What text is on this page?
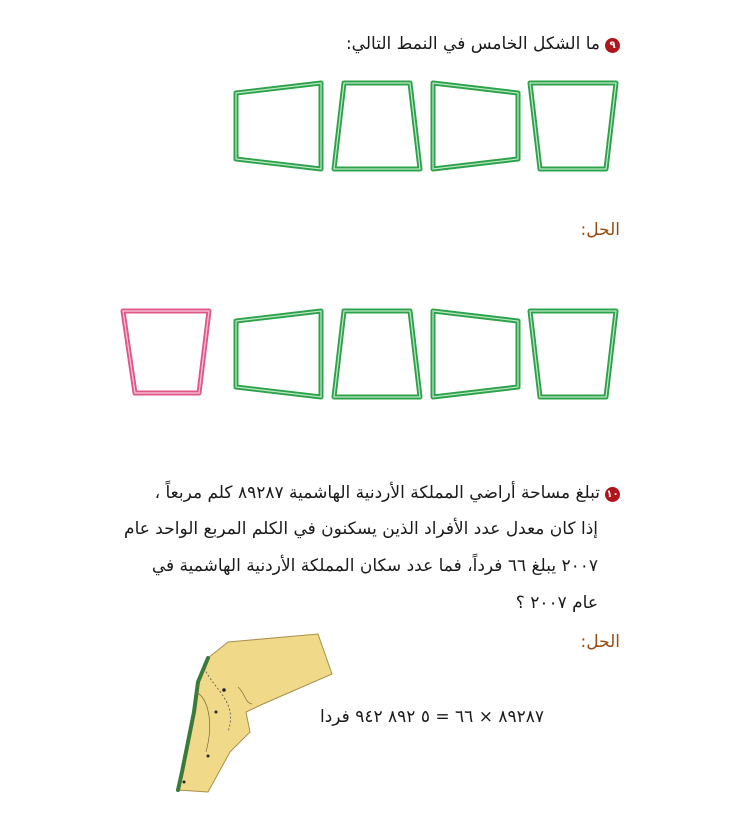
٩ما الشكل الخامس في النمط التالي:
الحل:
١٠تبلغ مساحة أراضي المملكة الأردنية الهاشمية ٨٩٢٨٧ كلم مربعاً ،
إذا كان معدل عدد الأفراد الذين يسكنون في الكلم المربع الواحد عام
٢٠٠٧ يبلغ ٦٦ فرداً، فما عدد سكان المملكة الأردنية الهاشمية في
عام ٢٠٠٧ ؟
الحل:
٨٩٢٨٧ × ٦٦ = ٥ ٨٩٢ ٩٤٢ فردا
